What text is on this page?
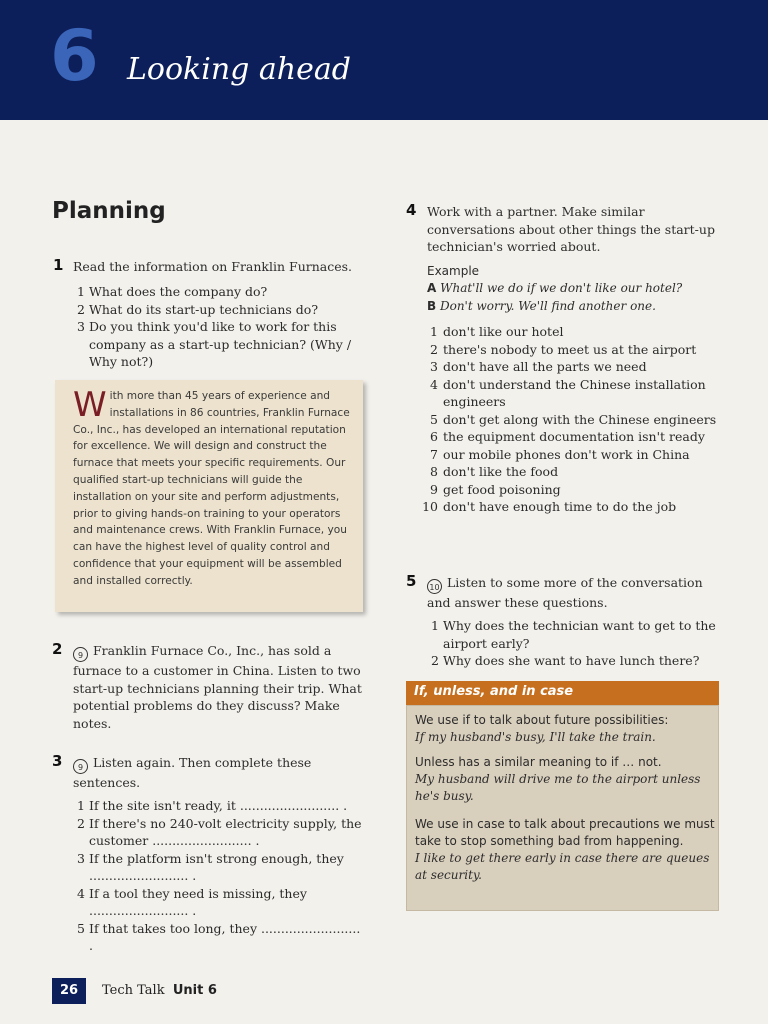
6 Looking ahead
Planning
1 Read the information on Franklin Furnaces.
1 What does the company do?
2 What do its start-up technicians do?
3 Do you think you'd like to work for this company as a start-up technician? (Why / Why not?)
With more than 45 years of experience and installations in 86 countries, Franklin Furnace Co., Inc., has developed an international reputation for excellence. We will design and construct the furnace that meets your specific requirements. Our qualified start-up technicians will guide the installation on your site and perform adjustments, prior to giving hands-on training to your operators and maintenance crews. With Franklin Furnace, you can have the highest level of quality control and confidence that your equipment will be assembled and installed correctly.
2	9 Franklin Furnace Co., Inc., has sold a furnace to a customer in China. Listen to two start-up technicians planning their trip. What potential problems do they discuss? Make notes.
3	9 Listen again. Then complete these sentences.
1 If the site isn't ready, it ......................... .
2 If there's no 240-volt electricity supply, the customer ......................... .
3 If the platform isn't strong enough, they ......................... .
4 If a tool they need is missing, they ......................... .
5 If that takes too long, they ......................... .
4 Work with a partner. Make similar conversations about other things the start-up technician's worried about.
Example
A What'll we do if we don't like our hotel?
B Don't worry. We'll find another one.
1 don't like our hotel
2 there's nobody to meet us at the airport
3 don't have all the parts we need
4 don't understand the Chinese installation engineers
5 don't get along with the Chinese engineers
6 the equipment documentation isn't ready
7 our mobile phones don't work in China
8 don't like the food
9 get food poisoning
10 don't have enough time to do the job
5	10 Listen to some more of the conversation and answer these questions.
1 Why does the technician want to get to the airport early?
2 Why does she want to have lunch there?
If, unless, and in case

We use if to talk about future possibilities:
If my husband's busy, I'll take the train.

Unless has a similar meaning to if … not.
My husband will drive me to the airport unless he's busy.

We use in case to talk about precautions we must take to stop something bad from happening.
I like to get there early in case there are queues at security.

26	Tech Talk Unit 6
